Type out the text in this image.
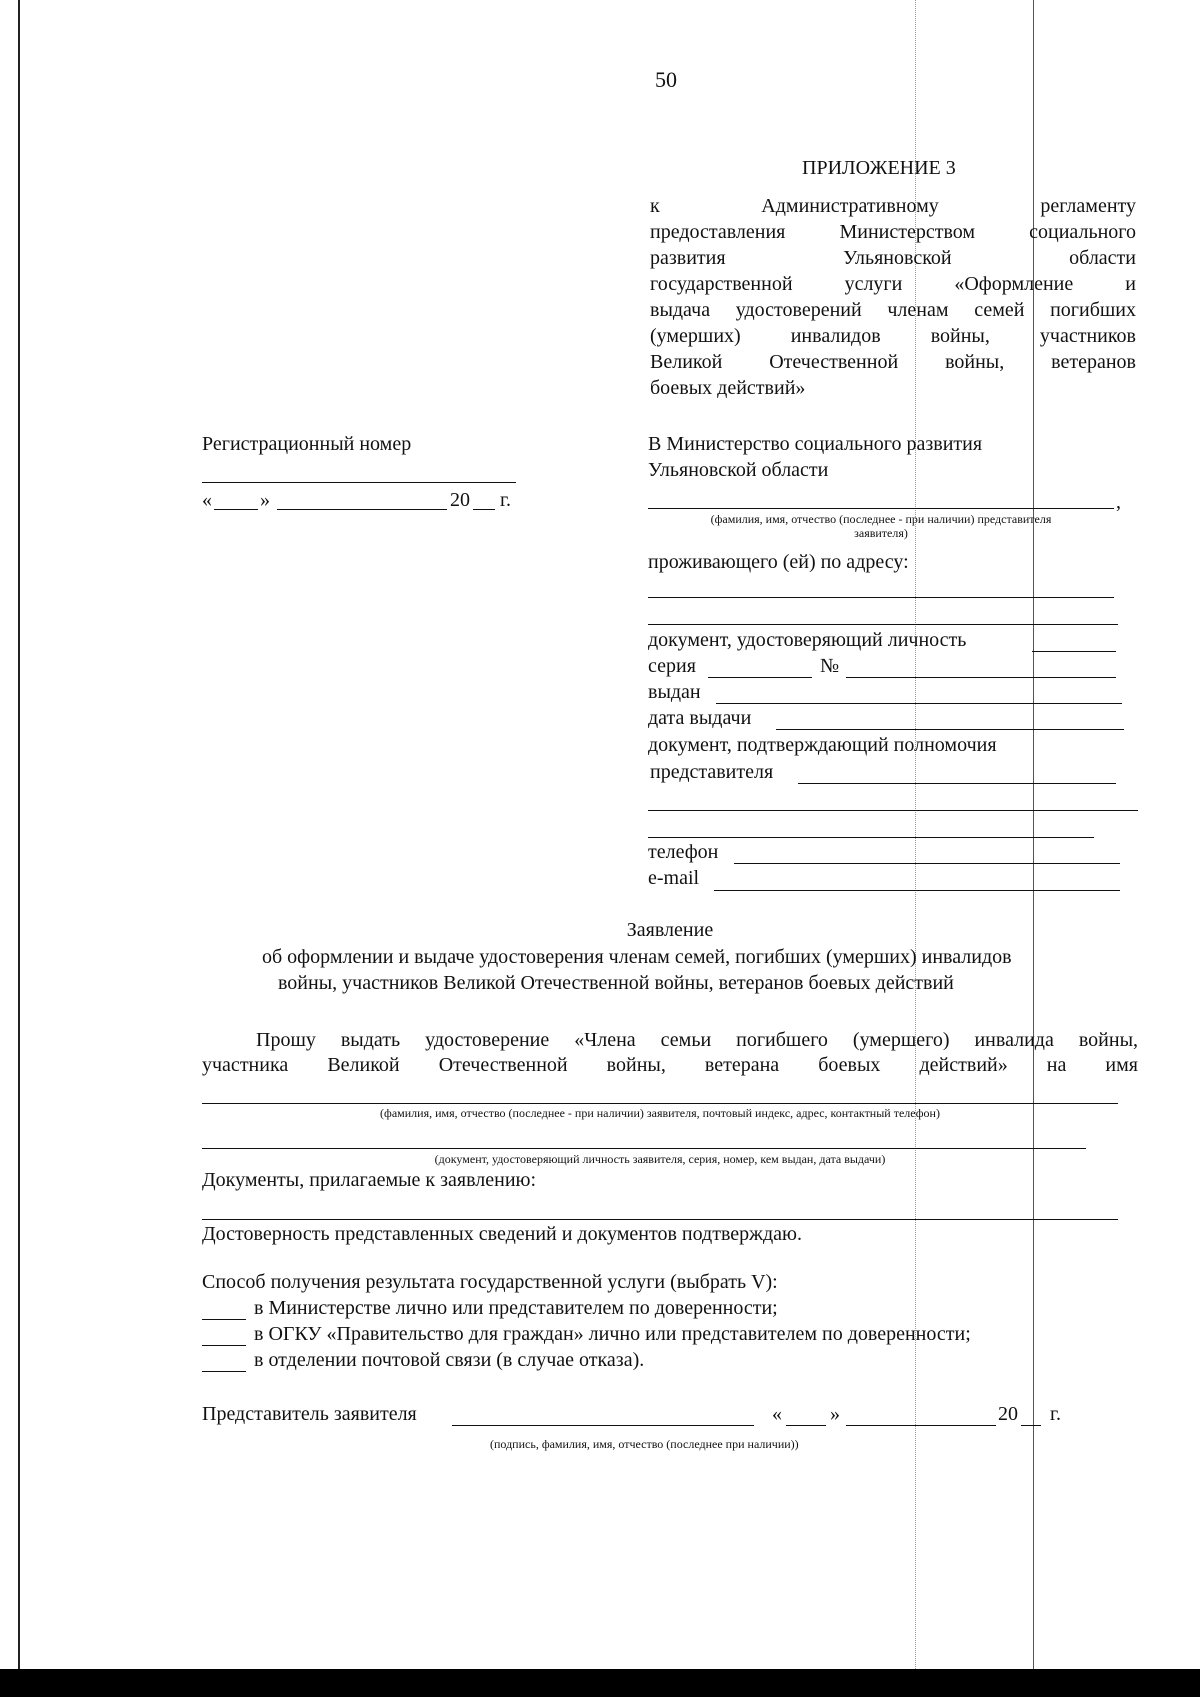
50
ПРИЛОЖЕНИЕ 3
к Административному регламенту
предоставления Министерством социального
развития Ульяновской области
государственной услуги «Оформление и
выдача удостоверений членам семей погибших
(умерших) инвалидов войны, участников
Великой Отечественной войны, ветеранов
боевых действий»
Регистрационный номер
« »	20 г.
В Министерство социального развития
Ульяновской области
,
(фамилия, имя, отчество (последнее - при наличии) представителя
заявителя)
проживающего (ей) по адресу:
документ, удостоверяющий личность
серия	№
выдан
дата выдачи
документ, подтверждающий полномочия
представителя
телефон
e-mail
Заявление
об оформлении и выдаче удостоверения членам семей, погибших (умерших) инвалидов
войны, участников Великой Отечественной войны, ветеранов боевых действий
Прошу выдать удостоверение «Члена семьи погибшего (умершего) инвалида войны,
участника Великой Отечественной войны, ветерана боевых действий» на имя
(фамилия, имя, отчество (последнее - при наличии) заявителя, почтовый индекс, адрес, контактный телефон)
(документ, удостоверяющий личность заявителя, серия, номер, кем выдан, дата выдачи)
Документы, прилагаемые к заявлению:
Достоверность представленных сведений и документов подтверждаю.
Способ получения результата государственной услуги (выбрать V):
в Министерстве лично или представителем по доверенности;
в ОГКУ «Правительство для граждан» лично или представителем по доверенности;
в отделении почтовой связи (в случае отказа).
Представитель заявителя	« »	20 г.
(подпись, фамилия, имя, отчество (последнее при наличии))
